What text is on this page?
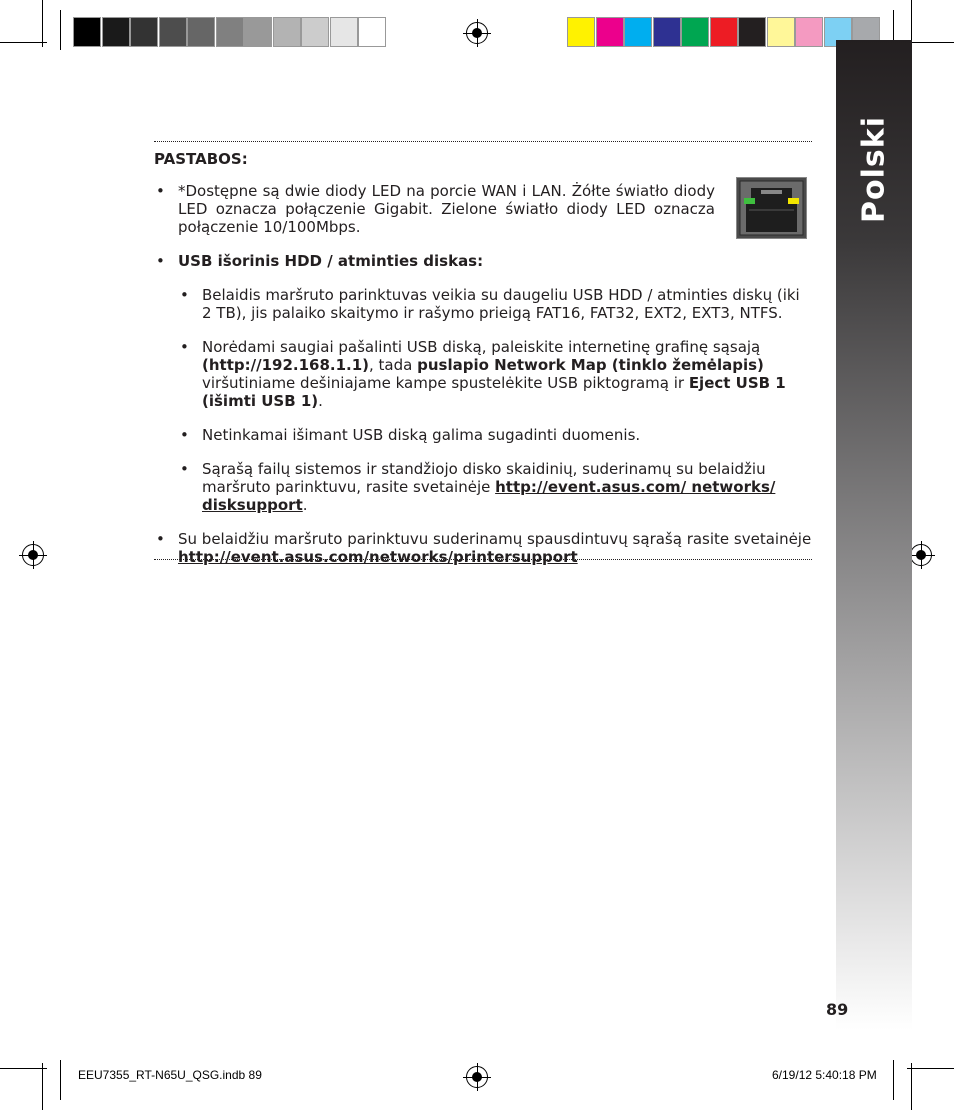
Polski
PASTABOS:
• *Dostępne są dwie diody LED na porcie WAN i LAN. Żółte światło diody LED oznacza połączenie Gigabit. Zielone światło diody LED oznacza połączenie 10/100Mbps.
• USB išorinis HDD / atminties diskas:
• Belaidis maršruto parinktuvas veikia su daugeliu USB HDD / atminties diskų (iki 2 TB), jis palaiko skaitymo ir rašymo prieigą FAT16, FAT32, EXT2, EXT3, NTFS.
• Norėdami saugiai pašalinti USB diską, paleiskite internetinę grafinę sąsają (http://192.168.1.1), tada puslapio Network Map (tinklo žemėlapis) viršutiniame dešiniajame kampe spustelėkite USB piktogramą ir Eject USB 1 (išimti USB 1).
• Netinkamai išimant USB diską galima sugadinti duomenis.
• Sąrašą failų sistemos ir standžiojo disko skaidinių, suderinamų su belaidžiu maršruto parinktuvu, rasite svetainėje http://event.asus.com/ networks/ disksupport.
• Su belaidžiu maršruto parinktuvu suderinamų spausdintuvų sąrašą rasite svetainėje http://event.asus.com/networks/printersupport
89
EEU7355_RT-N65U_QSG.indb 89	6/19/12 5:40:18 PM
